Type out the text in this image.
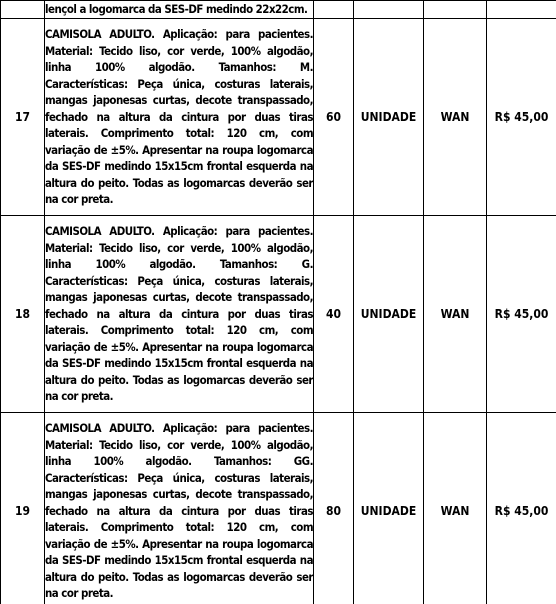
	lençol a logomarca da SES-DF medindo 22x22cm.				
17	CAMISOLA ADULTO. Aplicação: para pacientes. Material: Tecido liso, cor verde, 100% algodão, linha 100% algodão. Tamanhos: M. Características: Peça única, costuras laterais, mangas japonesas curtas, decote transpassado, fechado na altura da cintura por duas tiras laterais. Comprimento total: 120 cm, com variação de ±5%. Apresentar na roupa logomarca da SES-DF medindo 15x15cm frontal esquerda na altura do peito. Todas as logomarcas deverão ser na cor preta.	60	UNIDADE	WAN	R$ 45,00
18	CAMISOLA ADULTO. Aplicação: para pacientes. Material: Tecido liso, cor verde, 100% algodão, linha 100% algodão. Tamanhos: G. Características: Peça única, costuras laterais, mangas japonesas curtas, decote transpassado, fechado na altura da cintura por duas tiras laterais. Comprimento total: 120 cm, com variação de ±5%. Apresentar na roupa logomarca da SES-DF medindo 15x15cm frontal esquerda na altura do peito. Todas as logomarcas deverão ser na cor preta.	40	UNIDADE	WAN	R$ 45,00
19	CAMISOLA ADULTO. Aplicação: para pacientes. Material: Tecido liso, cor verde, 100% algodão, linha 100% algodão. Tamanhos: GG. Características: Peça única, costuras laterais, mangas japonesas curtas, decote transpassado, fechado na altura da cintura por duas tiras laterais. Comprimento total: 120 cm, com variação de ±5%. Apresentar na roupa logomarca da SES-DF medindo 15x15cm frontal esquerda na altura do peito. Todas as logomarcas deverão ser na cor preta.	80	UNIDADE	WAN	R$ 45,00
